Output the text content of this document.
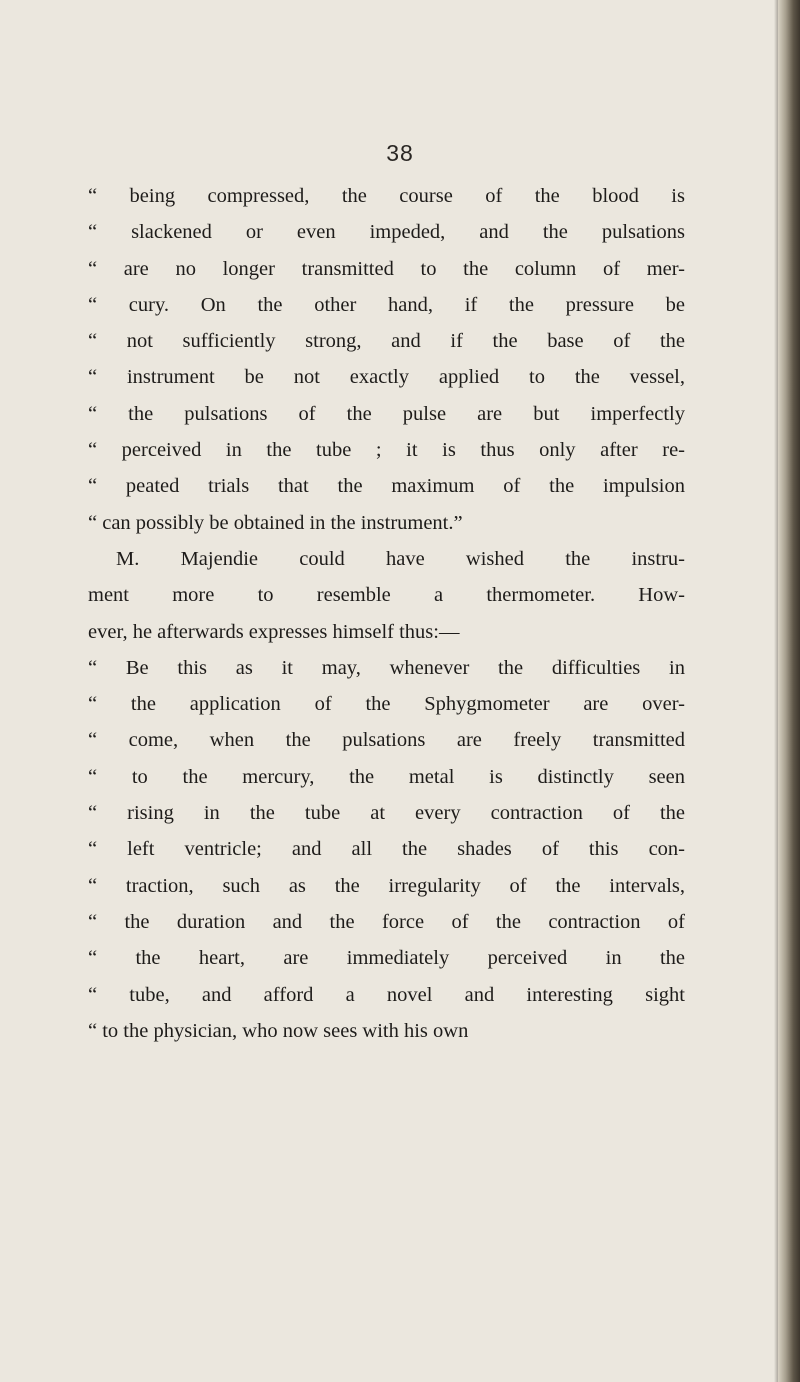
38
“ being compressed, the course of the blood is
“ slackened or even impeded, and the pulsations
“ are no longer transmitted to the column of mer-
“ cury. On the other hand, if the pressure be
“ not sufficiently strong, and if the base of the
“ instrument be not exactly applied to the vessel,
“ the pulsations of the pulse are but imperfectly
“ perceived in the tube ; it is thus only after re-
“ peated trials that the maximum of the impulsion
“ can possibly be obtained in the instrument.”
M. Majendie could have wished the instru-
ment more to resemble a thermometer. How-
ever, he afterwards expresses himself thus:—
“ Be this as it may, whenever the difficulties in
“ the application of the Sphygmometer are over-
“ come, when the pulsations are freely transmitted
“ to the mercury, the metal is distinctly seen
“ rising in the tube at every contraction of the
“ left ventricle; and all the shades of this con-
“ traction, such as the irregularity of the intervals,
“ the duration and the force of the contraction of
“ the heart, are immediately perceived in the
“ tube, and afford a novel and interesting sight
“ to the physician, who now sees with his own
